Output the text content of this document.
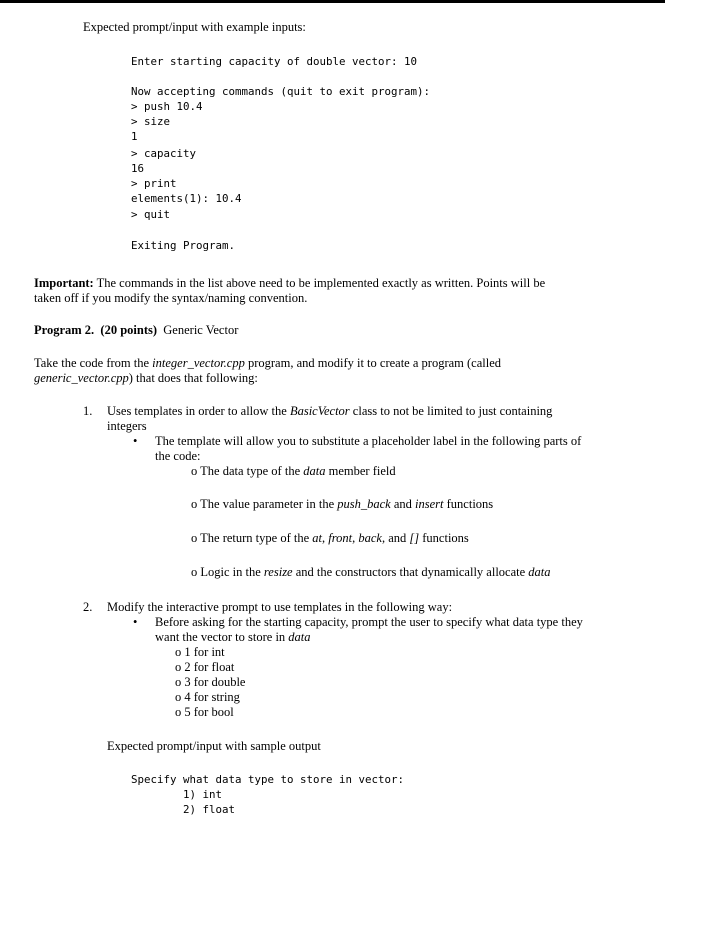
Expected prompt/input with example inputs:
Enter starting capacity of double vector: 10
Now accepting commands (quit to exit program):
> push 10.4
> size
1
> capacity
16
> print
elements(1): 10.4
> quit
Exiting Program.
Important: The commands in the list above need to be implemented exactly as written. Points will be
taken off if you modify the syntax/naming convention.
Program 2. (20 points) Generic Vector
Take the code from the integer_vector.cpp program, and modify it to create a program (called
generic_vector.cpp) that does that following:
1. Uses templates in order to allow the BasicVector class to not be limited to just containing
integers
• The template will allow you to substitute a placeholder label in the following parts of
the code:
o The data type of the data member field
o The value parameter in the push_back and insert functions
o The return type of the at, front, back, and [] functions
o Logic in the resize and the constructors that dynamically allocate data
2. Modify the interactive prompt to use templates in the following way:
• Before asking for the starting capacity, prompt the user to specify what data type they
want the vector to store in data
o 1 for int
o 2 for float
o 3 for double
o 4 for string
o 5 for bool
Expected prompt/input with sample output
Specify what data type to store in vector:
1) int
2) float
